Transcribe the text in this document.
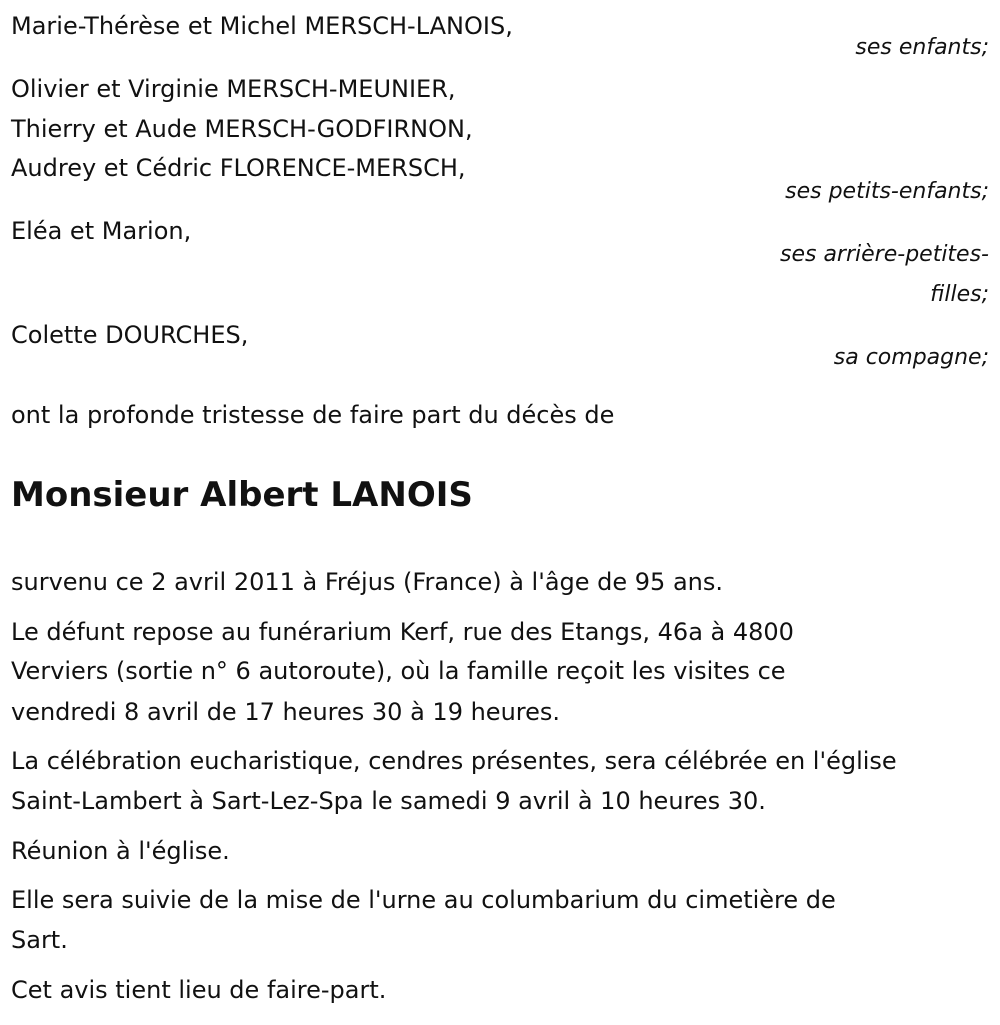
Marie-Thérèse et Michel MERSCH-LANOIS,
ses enfants;
Olivier et Virginie MERSCH-MEUNIER,
Thierry et Aude MERSCH-GODFIRNON,
Audrey et Cédric FLORENCE-MERSCH,
ses petits-enfants;
Eléa et Marion,
ses arrière-petites-
filles;
Colette DOURCHES,
sa compagne;
ont la profonde tristesse de faire part du décès de
Monsieur Albert LANOIS
survenu ce 2 avril 2011 à Fréjus (France) à l'âge de 95 ans.
Le défunt repose au funérarium Kerf, rue des Etangs, 46a à 4800
Verviers (sortie n° 6 autoroute), où la famille reçoit les visites ce
vendredi 8 avril de 17 heures 30 à 19 heures.
La célébration eucharistique, cendres présentes, sera célébrée en l'église
Saint-Lambert à Sart-Lez-Spa le samedi 9 avril à 10 heures 30.
Réunion à l'église.
Elle sera suivie de la mise de l'urne au columbarium du cimetière de
Sart.
Cet avis tient lieu de faire-part.
